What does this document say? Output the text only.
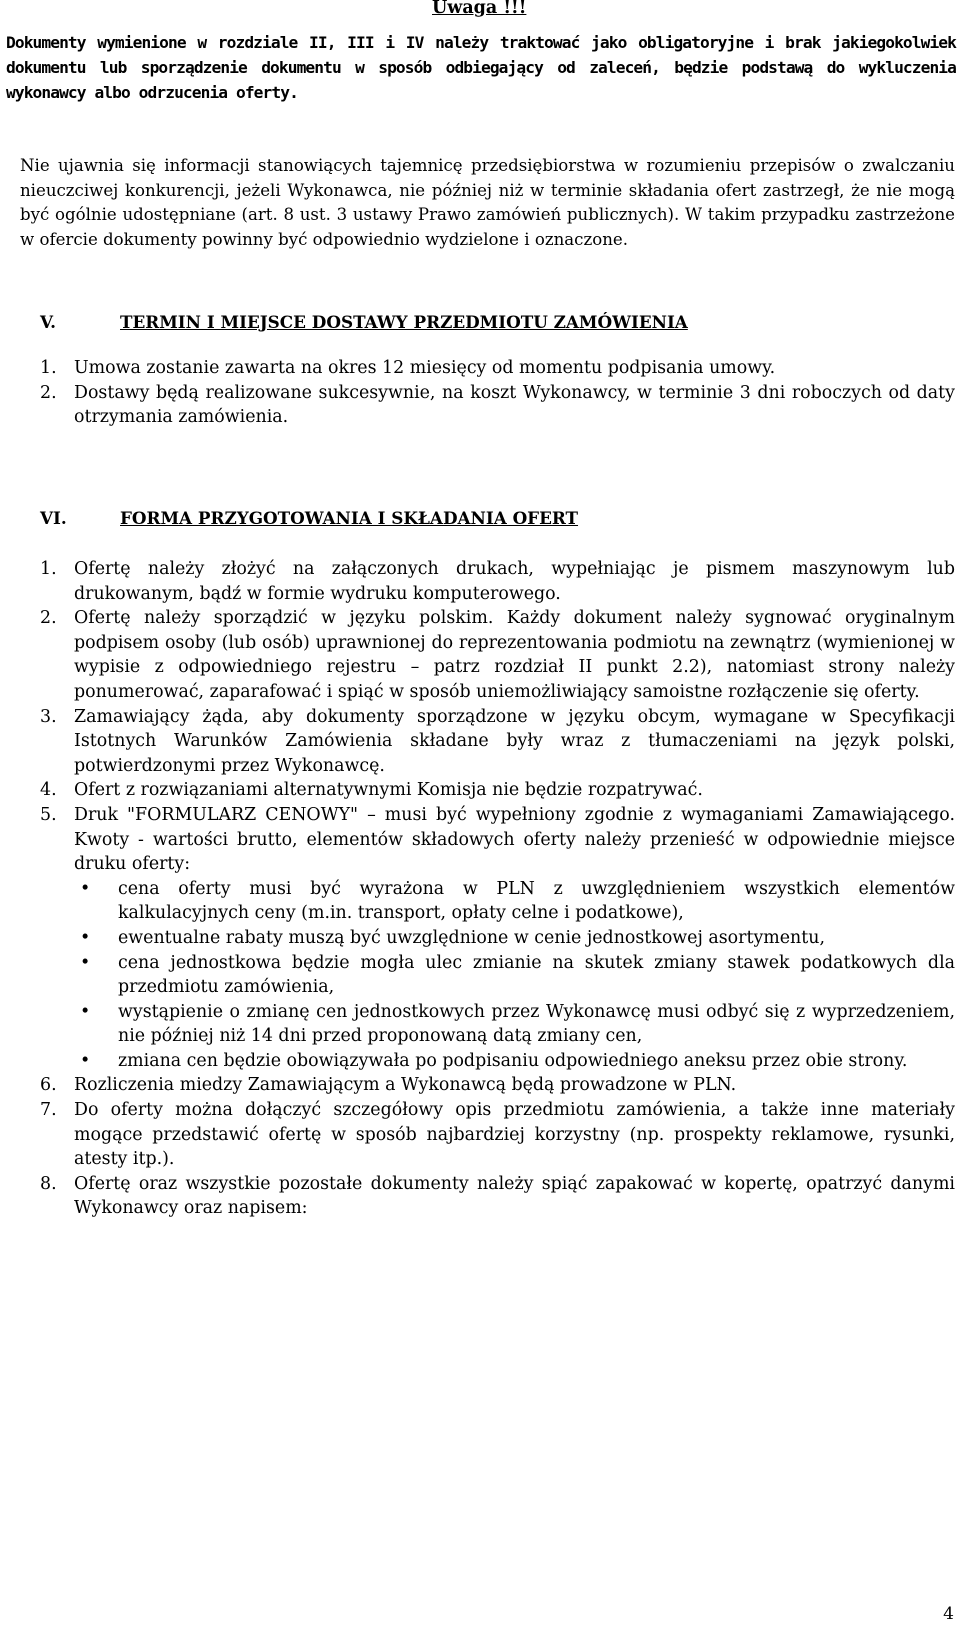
Uwaga !!!

Dokumenty wymienione w rozdziale II, III i IV należy traktować jako obligatoryjne i brak jakiegokolwiek dokumentu lub sporządzenie dokumentu w sposób odbiegający od zaleceń, będzie podstawą do wykluczenia wykonawcy albo odrzucenia oferty.

Nie ujawnia się informacji stanowiących tajemnicę przedsiębiorstwa w rozumieniu przepisów o zwalczaniu nieuczciwej konkurencji, jeżeli Wykonawca, nie później niż w terminie składania ofert zastrzegł, że nie mogą być ogólnie udostępniane (art. 8 ust. 3 ustawy Prawo zamówień publicznych). W takim przypadku zastrzeżone w ofercie dokumenty powinny być odpowiednio wydzielone i oznaczone.

V.	TERMIN I MIEJSCE DOSTAWY PRZEDMIOTU ZAMÓWIENIA
1. Umowa zostanie zawarta na okres 12 miesięcy od momentu podpisania umowy.
2. Dostawy będą realizowane sukcesywnie, na koszt Wykonawcy, w terminie 3 dni roboczych od daty otrzymania zamówienia.
VI.	FORMA PRZYGOTOWANIA I SKŁADANIA OFERT
1. Ofertę należy złożyć na załączonych drukach, wypełniając je pismem maszynowym lub drukowanym, bądź w formie wydruku komputerowego.
2. Ofertę należy sporządzić w języku polskim. Każdy dokument należy sygnować oryginalnym podpisem osoby (lub osób) uprawnionej do reprezentowania podmiotu na zewnątrz (wymienionej w wypisie z odpowiedniego rejestru – patrz rozdział II punkt 2.2), natomiast strony należy ponumerować, zaparafować i spiąć w sposób uniemożliwiający samoistne rozłączenie się oferty.
3. Zamawiający żąda, aby dokumenty sporządzone w języku obcym, wymagane w Specyfikacji Istotnych Warunków Zamówienia składane były wraz z tłumaczeniami na język polski, potwierdzonymi przez Wykonawcę.
4. Ofert z rozwiązaniami alternatywnymi Komisja nie będzie rozpatrywać.
5. Druk "FORMULARZ CENOWY" – musi być wypełniony zgodnie z wymaganiami Zamawiającego. Kwoty - wartości brutto, elementów składowych oferty należy przenieść w odpowiednie miejsce druku oferty:
• cena oferty musi być wyrażona w PLN z uwzględnieniem wszystkich elementów kalkulacyjnych ceny (m.in. transport, opłaty celne i podatkowe),
• ewentualne rabaty muszą być uwzględnione w cenie jednostkowej asortymentu,
• cena jednostkowa będzie mogła ulec zmianie na skutek zmiany stawek podatkowych dla przedmiotu zamówienia,
• wystąpienie o zmianę cen jednostkowych przez Wykonawcę musi odbyć się z wyprzedzeniem, nie później niż 14 dni przed proponowaną datą zmiany cen,
• zmiana cen będzie obowiązywała po podpisaniu odpowiedniego aneksu przez obie strony.
6. Rozliczenia miedzy Zamawiającym a Wykonawcą będą prowadzone w PLN.
7. Do oferty można dołączyć szczegółowy opis przedmiotu zamówienia, a także inne materiały mogące przedstawić ofertę w sposób najbardziej korzystny (np. prospekty reklamowe, rysunki, atesty itp.).
8. Ofertę oraz wszystkie pozostałe dokumenty należy spiąć zapakować w kopertę, opatrzyć danymi Wykonawcy oraz napisem:

4
